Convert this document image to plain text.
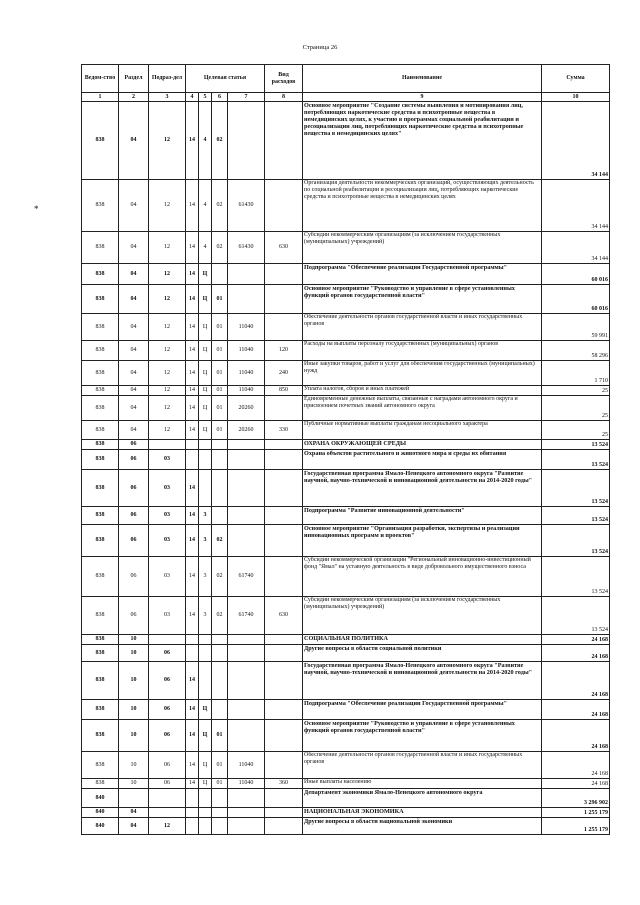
Страница 26
*
Ведом-ство	Раздел	Подраз-дел	Целевая статья				Вид расходов	Наименование	Сумма
1	2	3	4	5	6	7	8	9	10
838	04	12	14	4	02			Основное мероприятие "Создание системы выявления и мотивирования лиц, потребляющих наркотические средства и психотропные вещества в немедицинских целях, к участию в программах социальной реабилитации и ресоциализации лиц, потребляющих наркотические средства и психотропные вещества в немедицинских целях"	34 144
838	04	12	14	4	02	61430		Организация деятельности некоммерческих организаций, осуществляющих деятельность по социальной реабилитации и ресоциализации лиц, потребляющих наркотические средства и психотропные вещества в немедицинских целях	34 144
838	04	12	14	4	02	61430	630	Субсидии некоммерческим организациям (за исключением государственных (муниципальных) учреждений)	34 144
838	04	12	14	Ц				Подпрограмма "Обеспечение реализации Государственной программы"	60 016
838	04	12	14	Ц	01			Основное мероприятие "Руководство и управление в сфере установленных функций органов государственной власти"	60 016
838	04	12	14	Ц	01	11040		Обеспечение деятельности органов государственной власти и иных государственных органов	59 991
838	04	12	14	Ц	01	11040	120	Расходы на выплаты персоналу государственных (муниципальных) органов	58 296
838	04	12	14	Ц	01	11040	240	Иные закупки товаров, работ и услуг для обеспечения государственных (муниципальных) нужд	1 710
838	04	12	14	Ц	01	11040	850	Уплата налогов, сборов и иных платежей	25
838	04	12	14	Ц	01	20260		Единовременные денежные выплаты, связанные с наградами автономного округа и присвоением почетных званий автономного округа	25
838	04	12	14	Ц	01	20260	330	Публичные нормативные выплаты гражданам несоциального характера	25
838	06							ОХРАНА ОКРУЖАЮЩЕЙ СРЕДЫ	13 524
838	06	03						Охрана объектов растительного и животного мира и среды их обитания	13 524
838	06	03	14					Государственная программа Ямало-Ненецкого автономного округа "Развитие научной, научно-технической и инновационной деятельности на 2014-2020 годы"	13 524
838	06	03	14	3				Подпрограмма "Развитие инновационной деятельности"	13 524
838	06	03	14	3	02			Основное мероприятие "Организация разработки, экспертизы и реализации инновационных программ и проектов"	13 524
838	06	03	14	3	02	61740		Субсидии некоммерческой организации "Региональный инновационно-инвестиционный фонд "Ямал" на уставную деятельность в виде добровольного имущественного взноса	13 524
838	06	03	14	3	02	61740	630	Субсидии некоммерческим организациям (за исключением государственных (муниципальных) учреждений)	13 524
838	10							СОЦИАЛЬНАЯ ПОЛИТИКА	24 168
838	10	06						Другие вопросы в области социальной политики	24 168
838	10	06	14					Государственная программа Ямало-Ненецкого автономного округа "Развитие научной, научно-технической и инновационной деятельности на 2014-2020 годы"	24 168
838	10	06	14	Ц				Подпрограмма "Обеспечение реализации Государственной программы"	24 168
838	10	06	14	Ц	01			Основное мероприятие "Руководство и управление в сфере установленных функций органов государственной власти"	24 168
838	10	06	14	Ц	01	11040		Обеспечение деятельности органов государственной власти и иных государственных органов	24 168
838	10	06	14	Ц	01	11040	360	Иные выплаты населению	24 168
840								Департамент экономики Ямало-Ненецкого автономного округа	3 296 902
840	04							НАЦИОНАЛЬНАЯ ЭКОНОМИКА	1 255 179
840	04	12						Другие вопросы в области национальной экономики	1 255 179
